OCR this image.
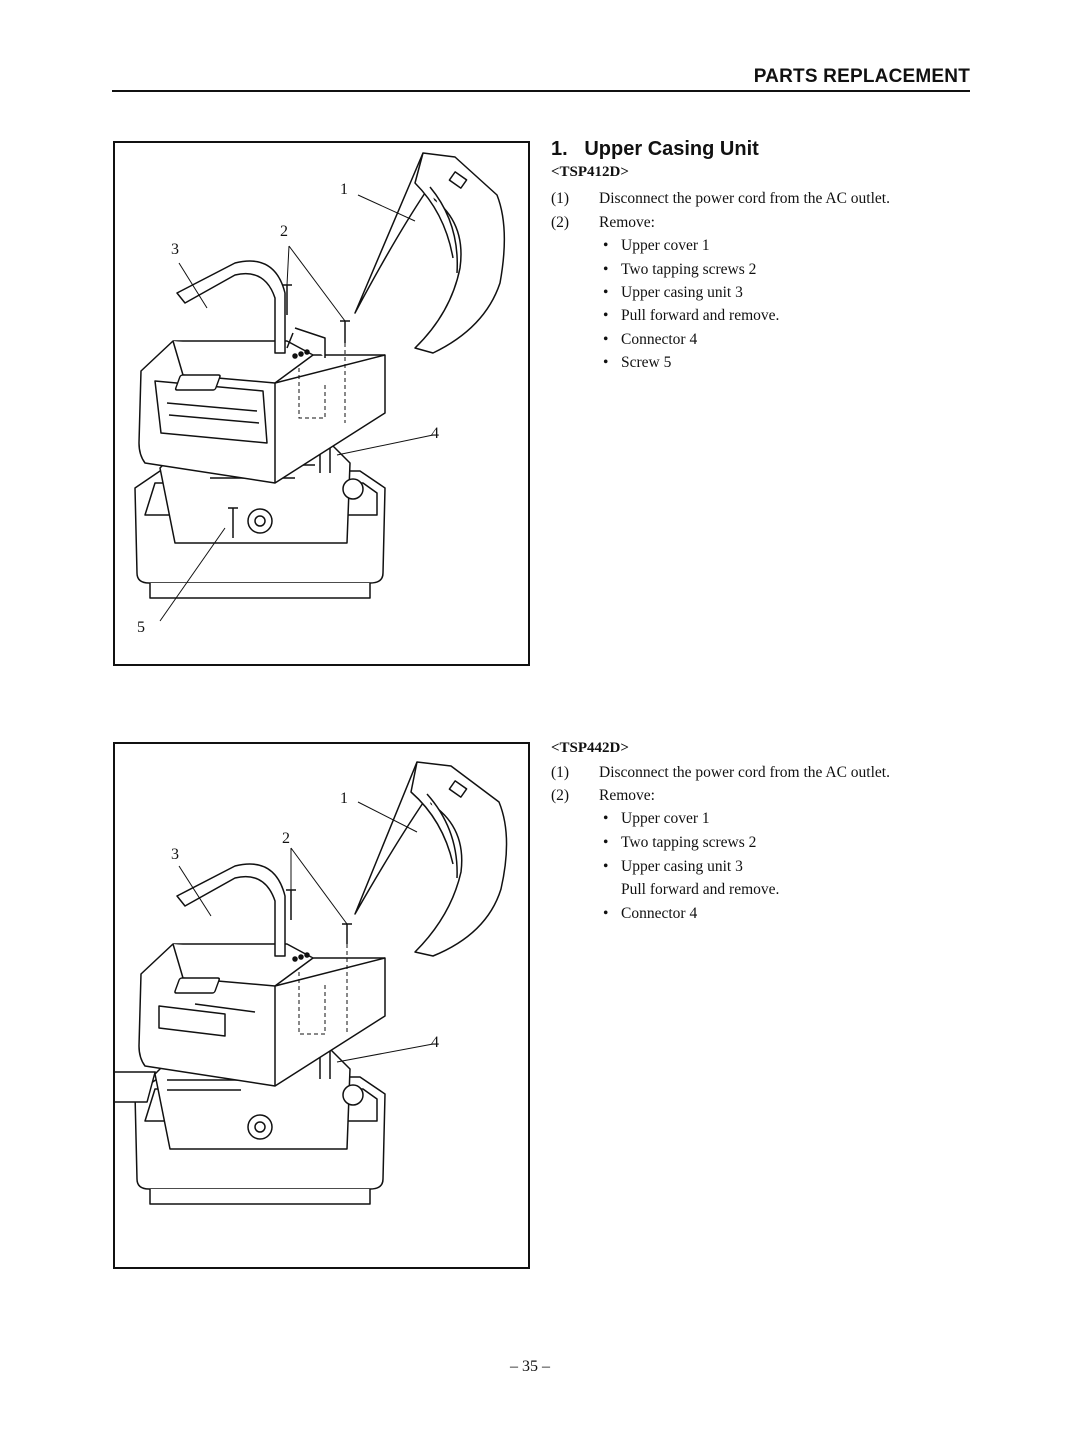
PARTS REPLACEMENT
1.   Upper Casing Unit
1
2
3
4
5
<TSP412D>
(1) Disconnect the power cord from the AC outlet.
(2) Remove:
• Upper cover 1
• Two tapping screws 2
• Upper casing unit 3
• Pull forward and remove.
• Connector 4
• Screw 5
1
2
3
4
<TSP442D>
(1) Disconnect the power cord from the AC outlet.
(2) Remove:
• Upper cover 1
• Two tapping screws 2
• Upper casing unit 3
Pull forward and remove.
• Connector 4
– 35 –
